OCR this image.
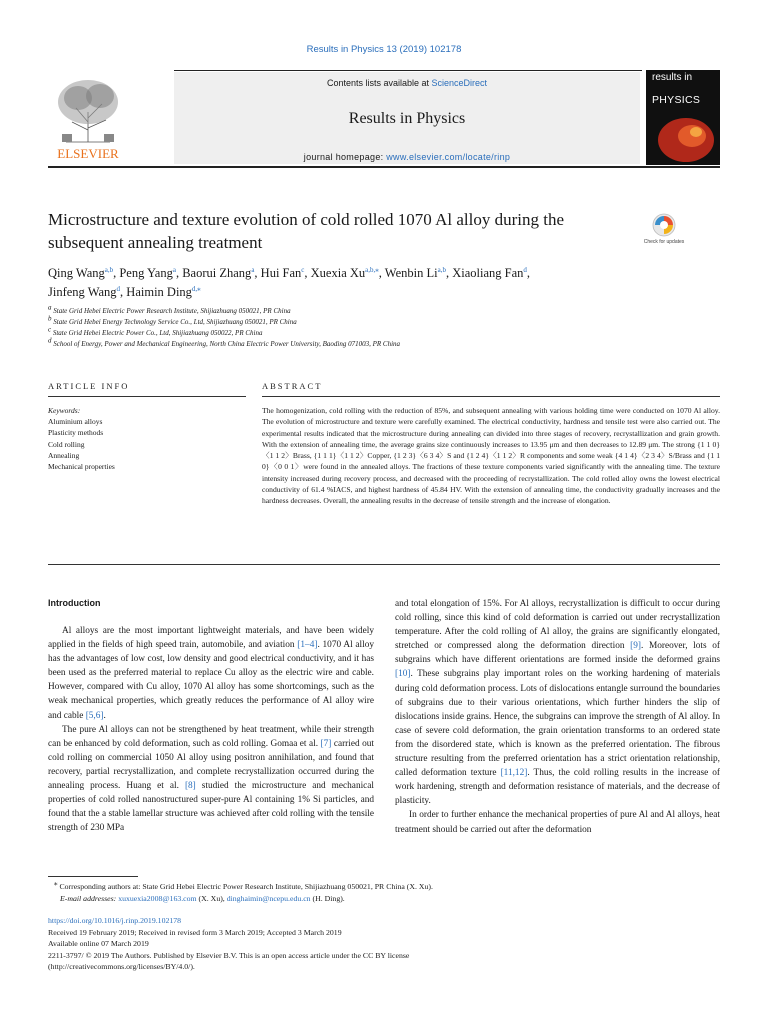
Results in Physics 13 (2019) 102178
ELSEVIER
Contents lists available at ScienceDirect
Results in Physics
journal homepage: www.elsevier.com/locate/rinp
results in
PHYSICS
Microstructure and texture evolution of cold rolled 1070 Al alloy during the subsequent annealing treatment	Check for updates
Qing Wang$^{a,b}$, Peng Yang$^a$, Baorui Zhang$^a$, Hui Fan$^c$, Xuexia Xu$^{a,b,⁎}$, Wenbin Li$^{a,b}$, Xiaoliang Fan$^d$,
Jinfeng Wang$^d$, Haimin Ding$^{d,⁎}$
$^a$ State Grid Hebei Electric Power Research Institute, Shijiazhuang 050021, PR China
$^b$ State Grid Hebei Energy Technology Service Co., Ltd, Shijiazhuang 050021, PR China
$^c$ State Grid Hebei Electric Power Co., Ltd, Shijiazhuang 050022, PR China
$^d$ School of Energy, Power and Mechanical Engineering, North China Electric Power University, Baoding 071003, PR China
ARTICLE INFO	ABSTRACT
Keywords:
Aluminium alloys
Plasticity methods
Cold rolling
Annealing
Mechanical properties
The homogenization, cold rolling with the reduction of 85%, and subsequent annealing with various holding time were conducted on 1070 Al alloy. The evolution of microstructure and texture were carefully examined. The electrical conductivity, hardness and tensile test were also carried out. The experimental results indicated that the microstructure during annealing can divided into three stages of recovery, recrystallization and grain growth. With the extension of annealing time, the average grains size continuously increases to 13.95 μm and then decreases to 12.89 μm. The strong {1 1 0}〈1 1 2〉Brass, {1 1 1}〈1 1 2〉Copper, {1 2 3}〈6 3 4〉S and {1 2 4}〈1 1 2〉R components and some weak {4 1 4}〈2 3 4〉S/Brass and {1 1 0}〈0 0 1〉were found in the annealed alloys. The fractions of these texture components varied significantly with the annealing time. The texture intensity increased during recovery process, and decreased with the proceeding of recrystallization. The cold rolled alloy owns the lowest electrical conductivity of 61.4 %IACS, and highest hardness of 45.84 HV. With the extension of annealing time, the conductivity gradually increases and the hardness decreases. Overall, the annealing results in the decrease of tensile strength and the increase of elongation.
Introduction

Al alloys are the most important lightweight materials, and have been widely applied in the fields of high speed train, automobile, and aviation [1–4]. 1070 Al alloy has the advantages of low cost, low density and good electrical conductivity, and it has been used as the preferred material to replace Cu alloy as the electric wire and cable. However, compared with Cu alloy, 1070 Al alloy has some shortcomings, such as the weak mechanical properties, which greatly reduces the performance of Al alloy wire and cable [5,6].

The pure Al alloys can not be strengthened by heat treatment, while their strength can be enhanced by cold deformation, such as cold rolling. Gomaa et al. [7] carried out cold rolling on commercial 1050 Al alloy using positron annihilation, and found that recovery, partial recrystallization, and complete recrystallization occurred during the annealing process. Huang et al. [8] studied the microstructure and mechanical properties of cold rolled nanostructured super-pure Al containing 1% Si particles, and found that the a stable lamellar structure was achieved after cold rolling with the tensile strength of 230 MPa

and total elongation of 15%. For Al alloys, recrystallization is difficult to occur during cold rolling, since this kind of cold deformation is carried out under recrystallization temperature. After the cold rolling of Al alloy, the grains are significantly elongated, stretched or compressed along the deformation direction [9]. Moreover, lots of subgrains which have different orientations are formed inside the deformed grains [10]. These subgrains play important roles on the working hardening of materials during cold deformation process. Lots of dislocations entangle surround the boundaries of subgrains due to their various orientations, which further hinders the slip of dislocations inside grains. Hence, the subgrains can improve the strength of Al alloy. In case of severe cold deformation, the grain orientation transforms to an ordered state from the disordered state, which is known as the preferred orientation. The fibrous structure resulting from the preferred orientation has a strict orientation relationship, called deformation texture [11,12]. Thus, the cold rolling results in the increase of work hardening, strength and deformation resistance of materials, and the decrease of plasticity.

In order to further enhance the mechanical properties of pure Al and Al alloys, heat treatment should be carried out after the deformation

⁎ Corresponding authors at: State Grid Hebei Electric Power Research Institute, Shijiazhuang 050021, PR China (X. Xu).
E-mail addresses: xuxuexia2008@163.com (X. Xu), dinghaimin@ncepu.edu.cn (H. Ding).
https://doi.org/10.1016/j.rinp.2019.102178
Received 19 February 2019; Received in revised form 3 March 2019; Accepted 3 March 2019
Available online 07 March 2019
2211-3797/ © 2019 The Authors. Published by Elsevier B.V. This is an open access article under the CC BY license
(http://creativecommons.org/licenses/BY/4.0/).
